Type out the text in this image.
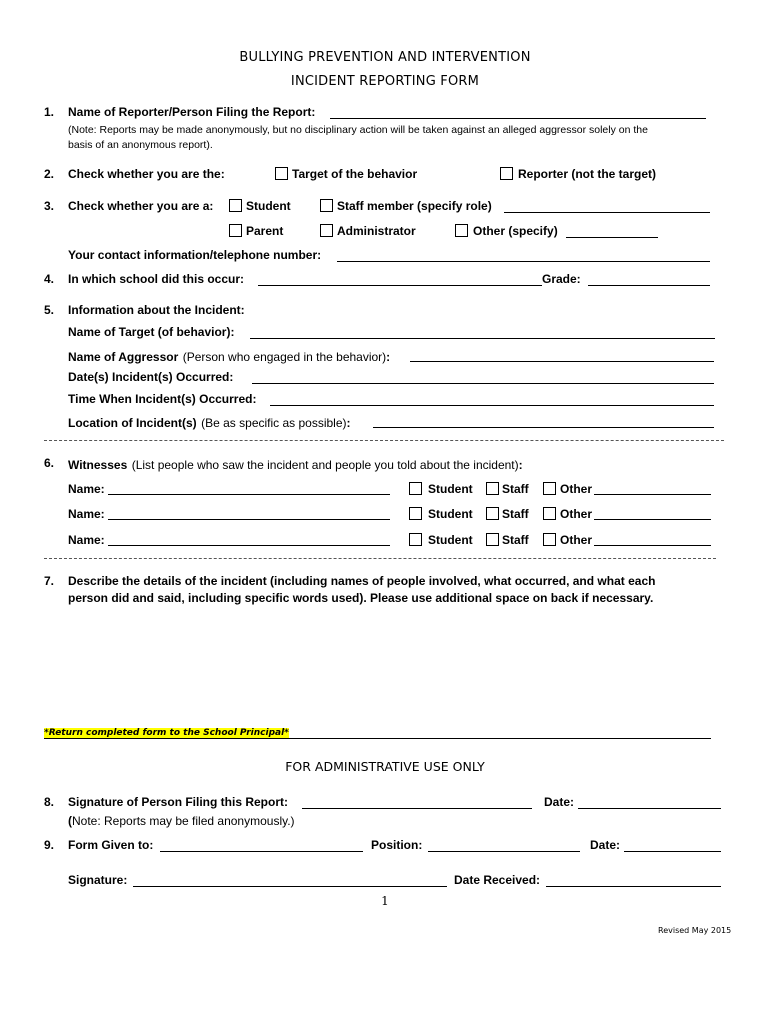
BULLYING PREVENTION AND INTERVENTION
INCIDENT REPORTING FORM
1. Name of Reporter/Person Filing the Report:
(Note: Reports may be made anonymously, but no disciplinary action will be taken against an alleged aggressor solely on the
basis of an anonymous report).
2. Check whether you are the:	Target of the behavior	Reporter (not the target)
3. Check whether you are a:	Student	Staff member (specify role)
Parent	Administrator	Other (specify)
Your contact information/telephone number:
4. In which school did this occur:	Grade:
5. Information about the Incident:
Name of Target (of behavior):
Name of Aggressor (Person who engaged in the behavior):
Date(s) Incident(s) Occurred:
Time When Incident(s) Occurred:
Location of Incident(s) (Be as specific as possible):
6. Witnesses (List people who saw the incident and people you told about the incident):
Name:	Student Staff	Other
Name:	Student Staff	Other
Name:	Student Staff	Other
7. Describe the details of the incident (including names of people involved, what occurred, and what each
person did and said, including specific words used). Please use additional space on back if necessary.
*Return completed form to the School Principal*
FOR ADMINISTRATIVE USE ONLY
8. Signature of Person Filing this Report:	Date:
(Note: Reports may be filed anonymously.)
9. Form Given to:	Position:	Date:
Signature:	Date Received:
1
Revised May 2015
